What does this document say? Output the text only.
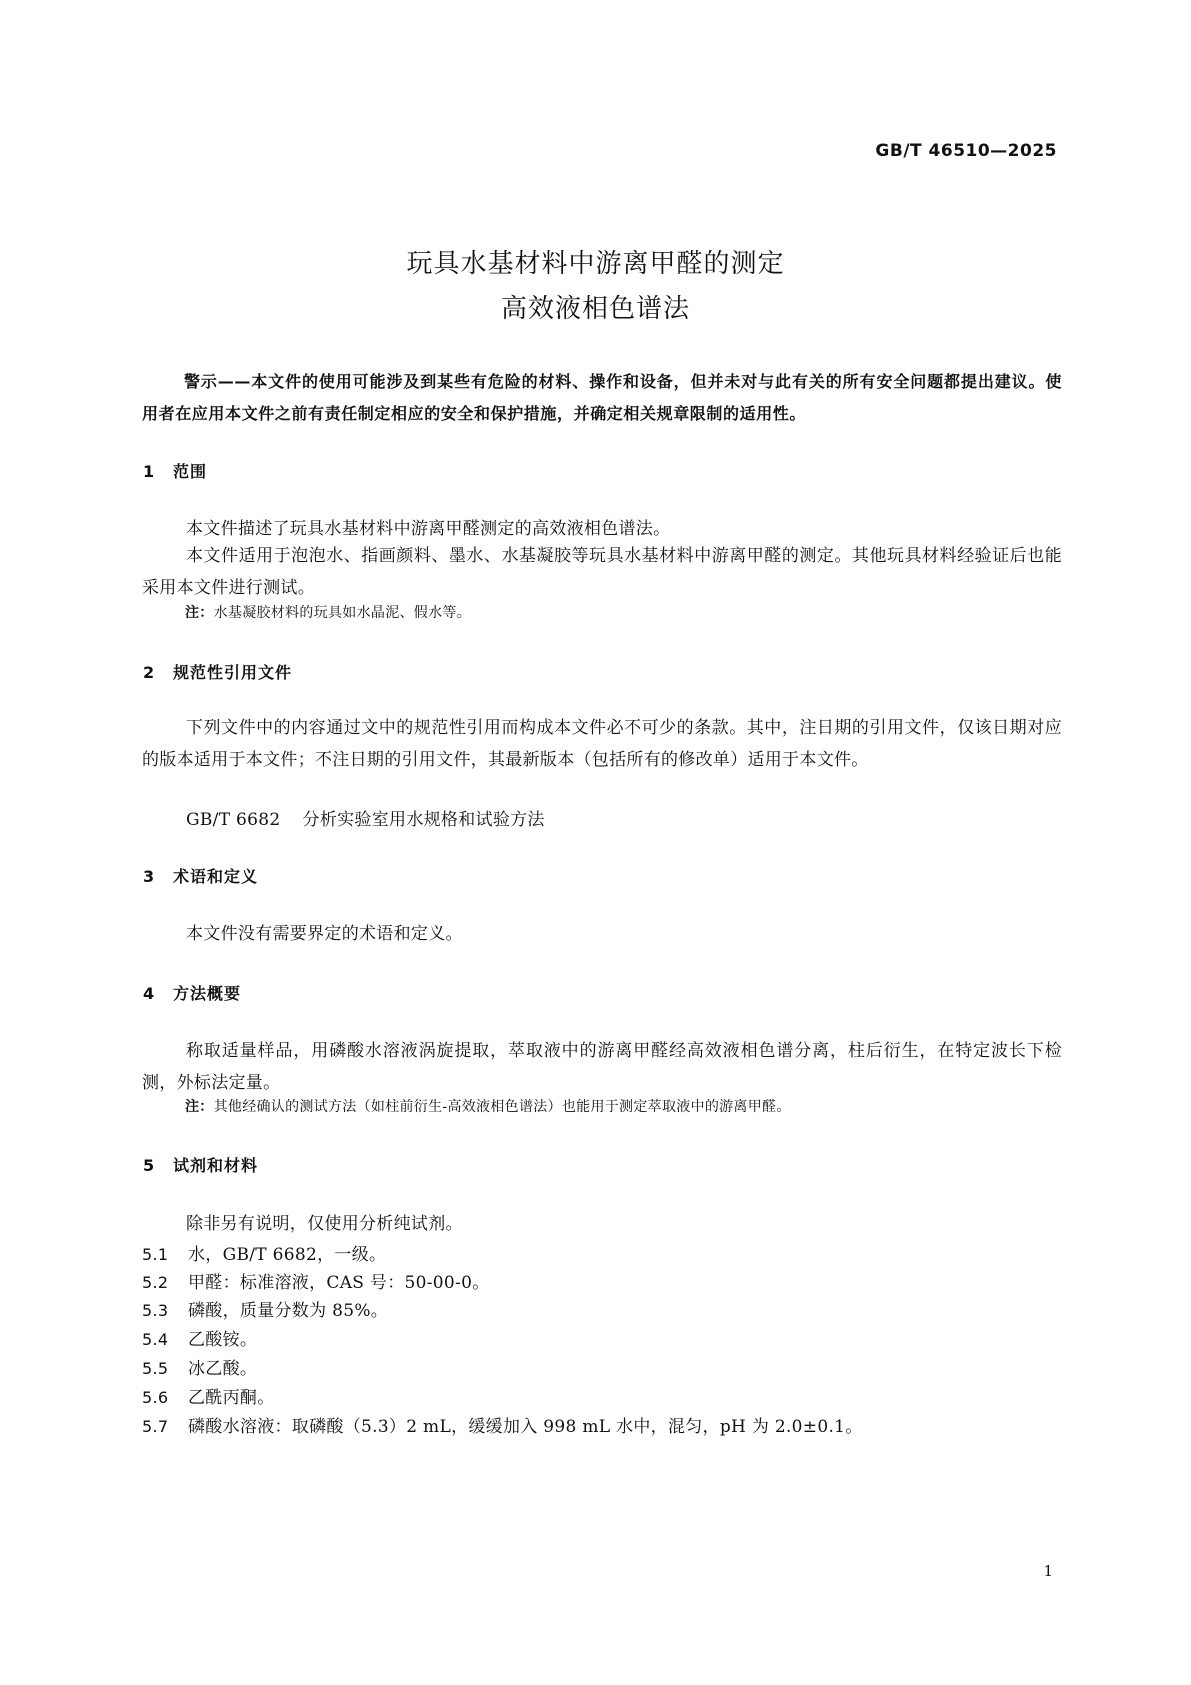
GB/T 46510—2025
玩具水基材料中游离甲醛的测定
高效液相色谱法
警示——本文件的使用可能涉及到某些有危险的材料、操作和设备，但并未对与此有关的所有安全问题都提出建议。使用者在应用本文件之前有责任制定相应的安全和保护措施，并确定相关规章限制的适用性。
1 范围
本文件描述了玩具水基材料中游离甲醛测定的高效液相色谱法。
本文件适用于泡泡水、指画颜料、墨水、水基凝胶等玩具水基材料中游离甲醛的测定。其他玩具材料经验证后也能采用本文件进行测试。
注：水基凝胶材料的玩具如水晶泥、假水等。
2 规范性引用文件
下列文件中的内容通过文中的规范性引用而构成本文件必不可少的条款。其中，注日期的引用文件，仅该日期对应的版本适用于本文件；不注日期的引用文件，其最新版本（包括所有的修改单）适用于本文件。
GB/T 6682 分析实验室用水规格和试验方法
3 术语和定义
本文件没有需要界定的术语和定义。
4 方法概要
称取适量样品，用磷酸水溶液涡旋提取，萃取液中的游离甲醛经高效液相色谱分离，柱后衍生，在特定波长下检测，外标法定量。
注：其他经确认的测试方法（如柱前衍生-高效液相色谱法）也能用于测定萃取液中的游离甲醛。
5 试剂和材料
除非另有说明，仅使用分析纯试剂。
5.1 水，GB/T 6682，一级。
5.2 甲醛：标准溶液，CAS 号：50-00-0。
5.3 磷酸，质量分数为 85%。
5.4 乙酸铵。
5.5 冰乙酸。
5.6 乙酰丙酮。
5.7 磷酸水溶液：取磷酸（5.3）2 mL，缓缓加入 998 mL 水中，混匀，pH 为 2.0±0.1。
1
